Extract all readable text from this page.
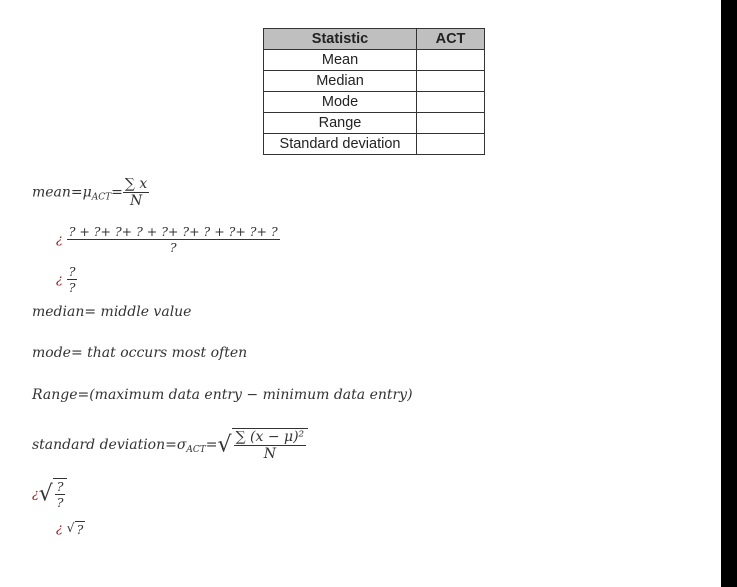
Statistic	ACT
Mean	
Median	
Mode	
Range	
Standard deviation	
$mean=\mu_{ACT}= \frac{\sum x}{N}$
¿ $\frac{? + ?+ ?+ ? + ?+ ?+ ? + ?+ ?+ ?}{?}$
¿ $\frac{?}{?}$
median= middle value
mode= that occurs most often
Range=(maximum data entry − minimum data entry)
standard $deviation=\sigma_{ACT}=√ \frac{\text{∑ (x − μ)²}}{N}$
¿√ $\frac{?}{?}$
¿ √ ?
